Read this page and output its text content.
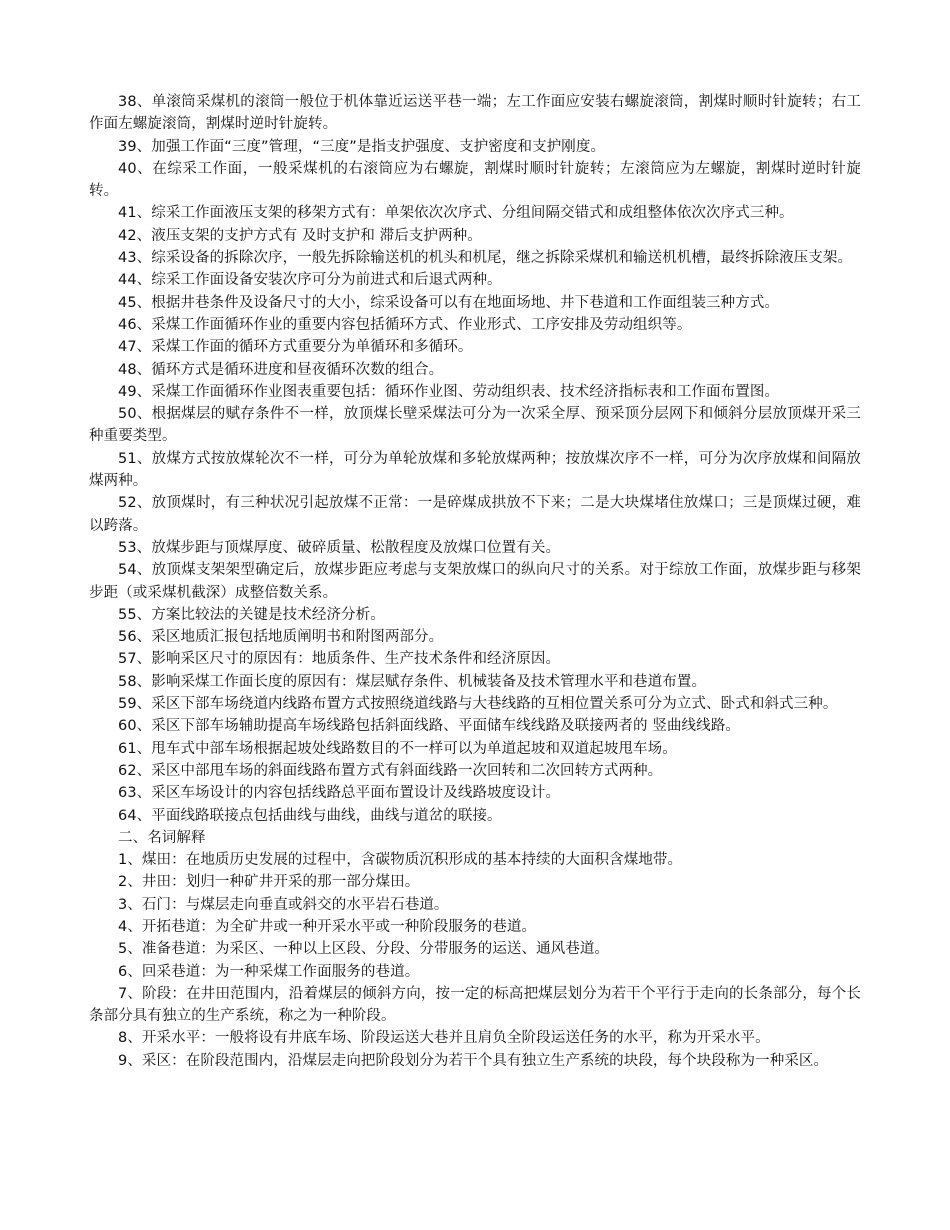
38、单滚筒采煤机的滚筒一般位于机体靠近运送平巷一端；左工作面应安装右螺旋滚筒，割煤时顺时针旋转；右工作面左螺旋滚筒，割煤时逆时针旋转。

39、加强工作面“三度”管理，“三度”是指支护强度、支护密度和支护刚度。

40、在综采工作面，一般采煤机的右滚筒应为右螺旋，割煤时顺时针旋转；左滚筒应为左螺旋，割煤时逆时针旋转。

41、综采工作面液压支架的移架方式有：单架依次次序式、分组间隔交错式和成组整体依次次序式三种。

42、液压支架的支护方式有 及时支护和 滞后支护两种。

43、综采设备的拆除次序，一般先拆除输送机的机头和机尾，继之拆除采煤机和输送机机槽，最终拆除液压支架。

44、综采工作面设备安装次序可分为前进式和后退式两种。

45、根据井巷条件及设备尺寸的大小，综采设备可以有在地面场地、井下巷道和工作面组装三种方式。

46、采煤工作面循环作业的重要内容包括循环方式、作业形式、工序安排及劳动组织等。

47、采煤工作面的循环方式重要分为单循环和多循环。

48、循环方式是循环进度和昼夜循环次数的组合。

49、采煤工作面循环作业图表重要包括：循环作业图、劳动组织表、技术经济指标表和工作面布置图。

50、根据煤层的赋存条件不一样，放顶煤长壁采煤法可分为一次采全厚、预采顶分层网下和倾斜分层放顶煤开采三种重要类型。

51、放煤方式按放煤轮次不一样，可分为单轮放煤和多轮放煤两种；按放煤次序不一样，可分为次序放煤和间隔放煤两种。

52、放顶煤时，有三种状况引起放煤不正常：一是碎煤成拱放不下来；二是大块煤堵住放煤口；三是顶煤过硬，难以跨落。

53、放煤步距与顶煤厚度、破碎质量、松散程度及放煤口位置有关。

54、放顶煤支架架型确定后，放煤步距应考虑与支架放煤口的纵向尺寸的关系。对于综放工作面，放煤步距与移架步距（或采煤机截深）成整倍数关系。

55、方案比较法的关键是技术经济分析。

56、采区地质汇报包括地质阐明书和附图两部分。

57、影响采区尺寸的原因有：地质条件、生产技术条件和经济原因。

58、影响采煤工作面长度的原因有：煤层赋存条件、机械装备及技术管理水平和巷道布置。

59、采区下部车场绕道内线路布置方式按照绕道线路与大巷线路的互相位置关系可分为立式、卧式和斜式三种。

60、采区下部车场辅助提高车场线路包括斜面线路、平面储车线线路及联接两者的 竖曲线线路。

61、甩车式中部车场根据起坡处线路数目的不一样可以为单道起坡和双道起坡甩车场。

62、采区中部甩车场的斜面线路布置方式有斜面线路一次回转和二次回转方式两种。

63、采区车场设计的内容包括线路总平面布置设计及线路坡度设计。

64、平面线路联接点包括曲线与曲线，曲线与道岔的联接。

二、名词解释

1、煤田：在地质历史发展的过程中，含碳物质沉积形成的基本持续的大面积含煤地带。

2、井田：划归一种矿井开采的那一部分煤田。

3、石门：与煤层走向垂直或斜交的水平岩石巷道。

4、开拓巷道：为全矿井或一种开采水平或一种阶段服务的巷道。

5、准备巷道：为采区、一种以上区段、分段、分带服务的运送、通风巷道。

6、回采巷道：为一种采煤工作面服务的巷道。

7、阶段：在井田范围内，沿着煤层的倾斜方向，按一定的标高把煤层划分为若干个平行于走向的长条部分，每个长条部分具有独立的生产系统，称之为一种阶段。

8、开采水平：一般将设有井底车场、阶段运送大巷并且肩负全阶段运送任务的水平，称为开采水平。

9、采区：在阶段范围内，沿煤层走向把阶段划分为若干个具有独立生产系统的块段，每个块段称为一种采区。
